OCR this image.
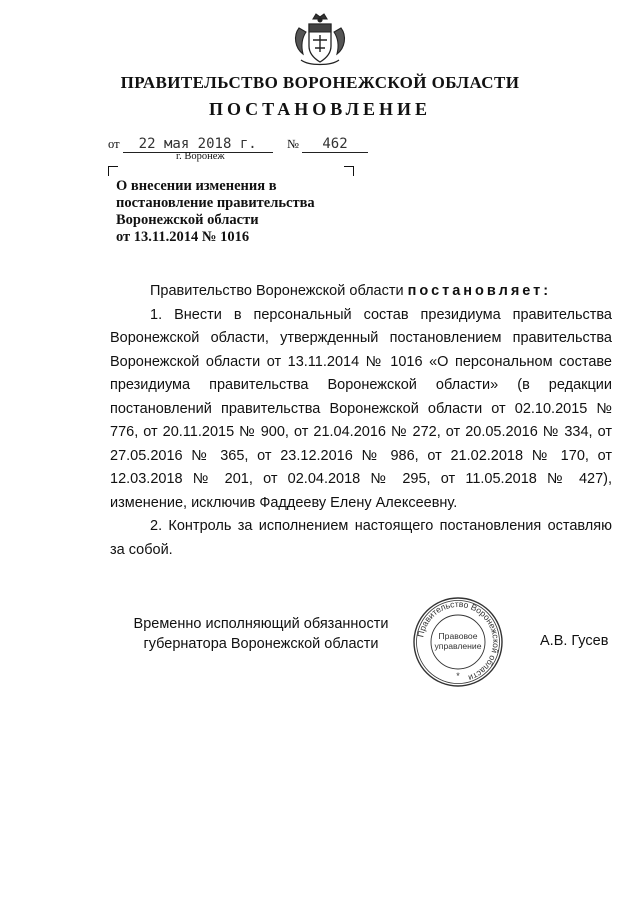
ПРАВИТЕЛЬСТВО ВОРОНЕЖСКОЙ ОБЛАСТИ
ПОСТАНОВЛЕНИЕ
от 22 мая 2018 г. № 462
г. Воронеж
О внесении изменения в
постановление правительства
Воронежской области
от 13.11.2014 № 1016

Правительство Воронежской области постановляет:

1. Внести в персональный состав президиума правительства Воронежской области, утвержденный постановлением правительства Воронежской области от 13.11.2014 № 1016 «О персональном составе президиума правительства Воронежской области» (в редакции постановлений правительства Воронежской области от 02.10.2015 № 776, от 20.11.2015 № 900, от 21.04.2016 № 272, от 20.05.2016 № 334, от 27.05.2016 № 365, от 23.12.2016 № 986, от 21.02.2018 № 170, от 12.03.2018 № 201, от 02.04.2018 № 295, от 11.05.2018 № 427), изменение, исключив Фаддееву Елену Алексеевну.

2. Контроль за исполнением настоящего постановления оставляю за собой.

Временно исполняющий обязанности
губернатора Воронежской области
Правительство Воронежской области
Правовое
управление
*
А.В. Гусев
